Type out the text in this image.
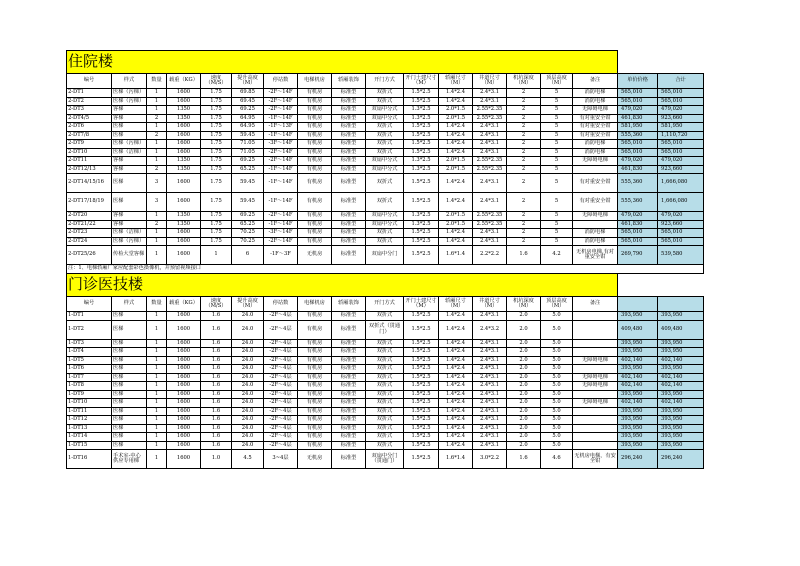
住院楼																	
编号	样式	数量	载重（KG）	速度（M/S）	提升高度（M）	停站数	电梯机房	轿厢装饰	开门方式	开门土建尺寸（M）	轿厢尺寸（M）	井道尺寸（M）	机坑深度（M）	顶层高度（M）	备注	单价价格	合计
2-DT1	医梯（污梯）	1	1600	1.75	69.85	-2F～14F	有机房	标准型	双折式	1.5*2.5	1.4*2.4	2.4*3.1	2	5	消防电梯	565,010	565,010
2-DT2	医梯（污梯）	1	1600	1.75	69.45	-2F～14F	有机房	标准型	双折式	1.5*2.5	1.4*2.4	2.4*3.1	2	5	消防电梯	565,010	565,010
2-DT3	客梯	1	1350	1.75	69.25	-2F～14F	有机房	标准型	双扇中分式	1.3*2.5	2.0*1.5	2.55*2.35	2	5	无障碍电梯	479,020	479,020
2-DT4/5	客梯	2	1350	1.75	64.95	-1F～14F	有机房	标准型	双扇中分式	1.3*2.5	2.0*1.5	2.55*2.35	2	5	有对重安全钳	461,830	923,660
2-DT6	医梯	1	1600	1.75	64.95	-1F～13F	有机房	标准型	双折式	1.5*2.5	1.4*2.4	2.4*3.1	2	5	有对重安全钳	581,950	581,950
2-DT7/8	医梯	2	1600	1.75	59.45	-1F～14F	有机房	标准型	双折式	1.5*2.5	1.4*2.4	2.4*3.1	2	5	有对重安全钳	555,360	1,110,720
2-DT9	医梯（污梯）	1	1600	1.75	71.05	-3F～14F	有机房	标准型	双折式	1.5*2.5	1.4*2.4	2.4*3.1	2	5	消防电梯	565,010	565,010
2-DT10	医梯（洁梯）	1	1600	1.75	71.05	-2F～14F	有机房	标准型	双折式	1.5*2.5	1.4*2.4	2.4*3.1	2	5	消防电梯	565,010	565,010
2-DT11	客梯	1	1350	1.75	69.25	-2F～14F	有机房	标准型	双扇中分式	1.3*2.5	2.0*1.5	2.55*2.35	2	5	无障碍电梯	479,020	479,020
2-DT12/13	客梯	2	1350	1.75	65.25	-1F～14F	有机房	标准型	双扇中分式	1.3*2.5	2.0*1.5	2.55*2.35	2	5		461,830	923,660
2-DT14/15/16	医梯	3	1600	1.75	59.45	-1F～14F	有机房	标准型	双折式	1.5*2.5	1.4*2.4	2.4*3.1	2	5	有对重安全钳	555,360	1,666,080
2-DT17/18/19	医梯	3	1600	1.75	59.45	-1F～14F	有机房	标准型	双折式	1.5*2.5	1.4*2.4	2.4*3.1	2	5	有对重安全钳	555,360	1,666,080
2-DT20	客梯	1	1350	1.75	69.25	-2F～14F	有机房	标准型	双扇中分式	1.3*2.5	2.0*1.5	2.55*2.35	2	5	无障碍电梯	479,020	479,020
2-DT21/22	客梯	2	1350	1.75	65.25	-1F～14F	有机房	标准型	双扇中分式	1.3*2.5	2.0*1.5	2.55*2.35	2	5		461,830	923,660
2-DT23	医梯（洁梯）	1	1600	1.75	70.25	-3F～14F	有机房	标准型	双折式	1.5*2.5	1.4*2.4	2.4*3.1	2	5	消防电梯	565,010	565,010
2-DT24	医梯（污梯）	1	1600	1.75	70.25	-2F～14F	有机房	标准型	双折式	1.5*2.5	1.4*2.4	2.4*3.1	2	5	消防电梯	565,010	565,010
2-DT25/26	传检大堂客梯	1	1600	1	6	-1F～3F	无机房	标准型	双扇中分门	1.5*2.5	1.6*1.4	2.2*2.2	1.6	4.2	无机房电梯,有对重安全钳	269,790	539,580
注：1、电梯轿厢厂家应配套彩色摄像机，并预留视频接口																	
门诊医技楼																	
编号	样式	数量	载重（KG）	速度（M/S）	提升高度（M）	停站数	电梯机房	轿厢装饰	开门方式	开门土建尺寸（M）	轿厢尺寸（M）	井道尺寸（M）	机坑深度（M）	顶层高度（M）	备注		
1-DT1	医梯	1	1600	1.6	24.0	-2F～4层	有机房	标准型	双折式	1.5*2.5	1.4*2.4	2.4*3.1	2.0	5.0		393,950	393,950
1-DT2	医梯	1	1600	1.6	24.0	-2F～4层	有机房	标准型	双折式（贯通门）	1.5*2.5	1.4*2.4	2.4*3.2	2.0	5.0		409,480	409,480
1-DT3	医梯	1	1600	1.6	24.0	-2F～4层	有机房	标准型	双折式	1.5*2.5	1.4*2.4	2.4*3.1	2.0	5.0		393,950	393,950
1-DT4	医梯	1	1600	1.6	24.0	-2F～4层	有机房	标准型	双折式	1.5*2.5	1.4*2.4	2.4*3.1	2.0	5.0		393,950	393,950
1-DT5	医梯	1	1600	1.6	24.0	-2F～4层	有机房	标准型	双折式	1.5*2.5	1.4*2.4	2.4*3.1	2.0	5.0	无障碍电梯	402,140	402,140
1-DT6	医梯	1	1600	1.6	24.0	-2F～4层	有机房	标准型	双折式	1.5*2.5	1.4*2.4	2.4*3.1	2.0	5.0		393,950	393,950
1-DT7	医梯	1	1600	1.6	24.0	-2F～4层	有机房	标准型	双折式	1.5*2.5	1.4*2.4	2.4*3.1	2.0	5.0	无障碍电梯	402,140	402,140
1-DT8	医梯	1	1600	1.6	24.0	-2F～4层	有机房	标准型	双折式	1.5*2.5	1.4*2.4	2.4*3.1	2.0	5.0	无障碍电梯	402,140	402,140
1-DT9	医梯	1	1600	1.6	24.0	-2F～4层	有机房	标准型	双折式	1.5*2.5	1.4*2.4	2.4*3.1	2.0	5.0		393,950	393,950
1-DT10	医梯	1	1600	1.6	24.0	-2F～4层	有机房	标准型	双折式	1.5*2.5	1.4*2.4	2.4*3.1	2.0	5.0	无障碍电梯	402,140	402,140
1-DT11	医梯	1	1600	1.6	24.0	-2F～4层	有机房	标准型	双折式	1.5*2.5	1.4*2.4	2.4*3.1	2.0	5.0		393,950	393,950
1-DT12	医梯	1	1600	1.6	24.0	-2F～4层	有机房	标准型	双折式	1.5*2.5	1.4*2.4	2.4*3.1	2.0	5.0		393,950	393,950
1-DT13	医梯	1	1600	1.6	24.0	-2F～4层	有机房	标准型	双折式	1.5*2.5	1.4*2.4	2.4*3.1	2.0	5.0		393,950	393,950
1-DT14	医梯	1	1600	1.6	24.0	-2F～4层	有机房	标准型	双折式	1.5*2.5	1.4*2.4	2.4*3.1	2.0	5.0		393,950	393,950
1-DT15	医梯	1	1600	1.6	24.0	-2F～4层	有机房	标准型	双折式	1.5*2.5	1.4*2.4	2.4*3.1	2.0	5.0		393,950	393,950
1-DT16	手术室-中心供应专用梯	1	1600	1.0	4.5	3~4层	无机房	标准型	双扇中分门（贯通门）	1.5*2.5	1.6*1.4	3.0*2.2	1.6	4.6	无机房电梯，有安全钳	296,240	296,240
